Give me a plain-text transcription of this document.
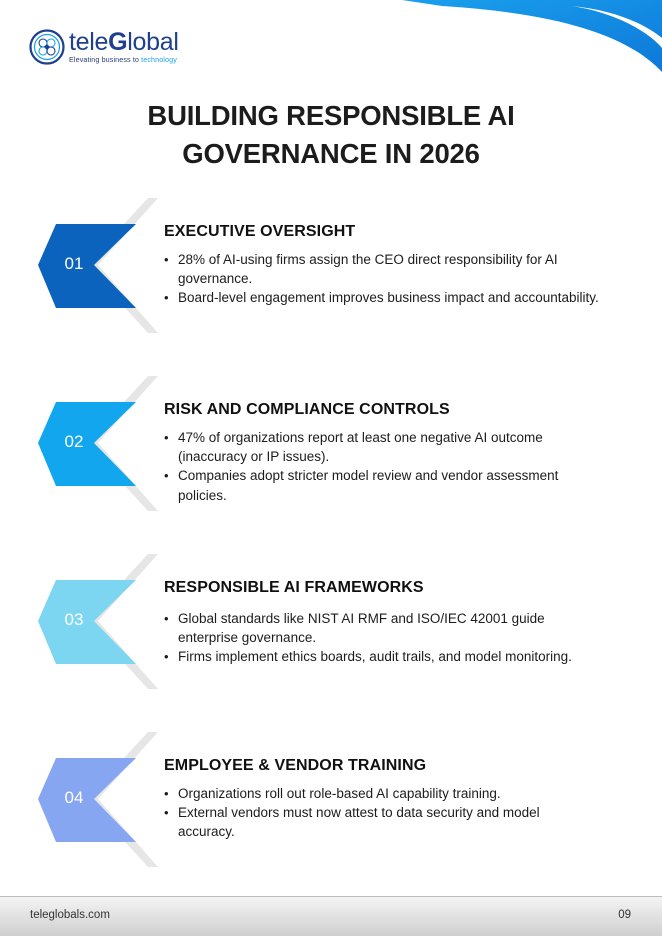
teleGlobal
Elevating business to technology
BUILDING RESPONSIBLE AI
GOVERNANCE IN 2026
01
EXECUTIVE OVERSIGHT
• 28% of AI-using firms assign the CEO direct responsibility for AI governance.
• Board-level engagement improves business impact and accountability.
02
RISK AND COMPLIANCE CONTROLS
• 47% of organizations report at least one negative AI outcome (inaccuracy or IP issues).
• Companies adopt stricter model review and vendor assessment policies.
03
RESPONSIBLE AI FRAMEWORKS
• Global standards like NIST AI RMF and ISO/IEC 42001 guide enterprise governance.
• Firms implement ethics boards, audit trails, and model monitoring.
04
EMPLOYEE & VENDOR TRAINING
• Organizations roll out role-based AI capability training.
• External vendors must now attest to data security and model accuracy.
teleglobals.com	09
